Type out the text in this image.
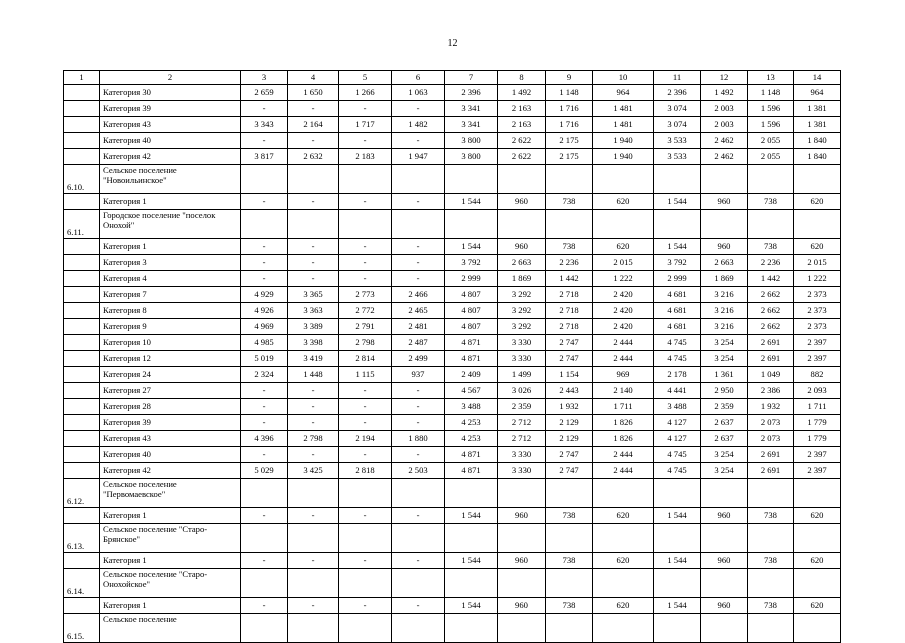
12
1	2	3	4	5	6	7	8	9	10	11	12	13	14
	Категория 30	2 659	1 650	1 266	1 063	2 396	1 492	1 148	964	2 396	1 492	1 148	964
	Категория 39	-	-	-	-	3 341	2 163	1 716	1 481	3 074	2 003	1 596	1 381
	Категория 43	3 343	2 164	1 717	1 482	3 341	2 163	1 716	1 481	3 074	2 003	1 596	1 381
	Категория 40	-	-	-	-	3 800	2 622	2 175	1 940	3 533	2 462	2 055	1 840
	Категория 42	3 817	2 632	2 183	1 947	3 800	2 622	2 175	1 940	3 533	2 462	2 055	1 840
6.10.	Сельское поселение "Новоильинское"												
	Категория 1	-	-	-	-	1 544	960	738	620	1 544	960	738	620
6.11.	Городское поселение "поселок Онохой"												
	Категория 1	-	-	-	-	1 544	960	738	620	1 544	960	738	620
	Категория 3	-	-	-	-	3 792	2 663	2 236	2 015	3 792	2 663	2 236	2 015
	Категория 4	-	-	-	-	2 999	1 869	1 442	1 222	2 999	1 869	1 442	1 222
	Категория 7	4 929	3 365	2 773	2 466	4 807	3 292	2 718	2 420	4 681	3 216	2 662	2 373
	Категория 8	4 926	3 363	2 772	2 465	4 807	3 292	2 718	2 420	4 681	3 216	2 662	2 373
	Категория 9	4 969	3 389	2 791	2 481	4 807	3 292	2 718	2 420	4 681	3 216	2 662	2 373
	Категория 10	4 985	3 398	2 798	2 487	4 871	3 330	2 747	2 444	4 745	3 254	2 691	2 397
	Категория 12	5 019	3 419	2 814	2 499	4 871	3 330	2 747	2 444	4 745	3 254	2 691	2 397
	Категория 24	2 324	1 448	1 115	937	2 409	1 499	1 154	969	2 178	1 361	1 049	882
	Категория 27	-	-	-	-	4 567	3 026	2 443	2 140	4 441	2 950	2 386	2 093
	Категория 28	-	-	-	-	3 488	2 359	1 932	1 711	3 488	2 359	1 932	1 711
	Категория 39	-	-	-	-	4 253	2 712	2 129	1 826	4 127	2 637	2 073	1 779
	Категория 43	4 396	2 798	2 194	1 880	4 253	2 712	2 129	1 826	4 127	2 637	2 073	1 779
	Категория 40	-	-	-	-	4 871	3 330	2 747	2 444	4 745	3 254	2 691	2 397
	Категория 42	5 029	3 425	2 818	2 503	4 871	3 330	2 747	2 444	4 745	3 254	2 691	2 397
6.12.	Сельское поселение "Первомаевское"												
	Категория 1	-	-	-	-	1 544	960	738	620	1 544	960	738	620
6.13.	Сельское поселение "Старо-Брянское"												
	Категория 1	-	-	-	-	1 544	960	738	620	1 544	960	738	620
6.14.	Сельское поселение "Старо-Онохойское"												
	Категория 1	-	-	-	-	1 544	960	738	620	1 544	960	738	620
6.15.	Сельское поселение												
